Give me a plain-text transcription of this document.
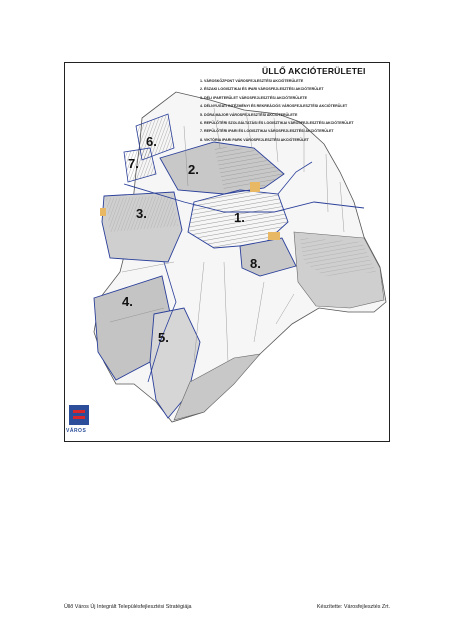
6.
7.	2.
3.	1.
8.
4.
5.
ÜLLŐ AKCIÓTERÜLETEI
1. VÁROSKÖZPONT VÁROSFEJLESZTÉSI AKCIÓTERÜLETE
2. ÉSZAKI LOGISZTIKAI ÉS IPARI VÁROSFEJLESZTÉSI AKCIÓTERÜLET
3. DÉLI IPARTERÜLET VÁROSFEJLESZTÉSI AKCIÓTERÜLETE
4. DÉLNYUGATI INTÉZMÉNYI ÉS REKREÁCIÓS VÁROSFEJLESZTÉSI AKCIÓTERÜLET
5. DÓRA MAJOR VÁROSFEJLESZTÉSI AKCIÓTERÜLETE
6. REPÜLŐTÉRI SZOLGÁLTATÁSI ÉS LOGISZTIKAI VÁROSFEJLESZTÉSI AKCIÓTERÜLET
7. REPÜLŐTÉRI IPARI ÉS LOGISZTIKAI VÁROSFEJLESZTÉSI AKCIÓTERÜLET
8. VIKTÓRIA IPARI PARK VÁROSFEJLESZTÉSI AKCIÓTERÜLET
VÁROS
Üllő Város Új Integrált Településfejlesztési Stratégiája	Készítette: Városfejlesztés Zrt.
